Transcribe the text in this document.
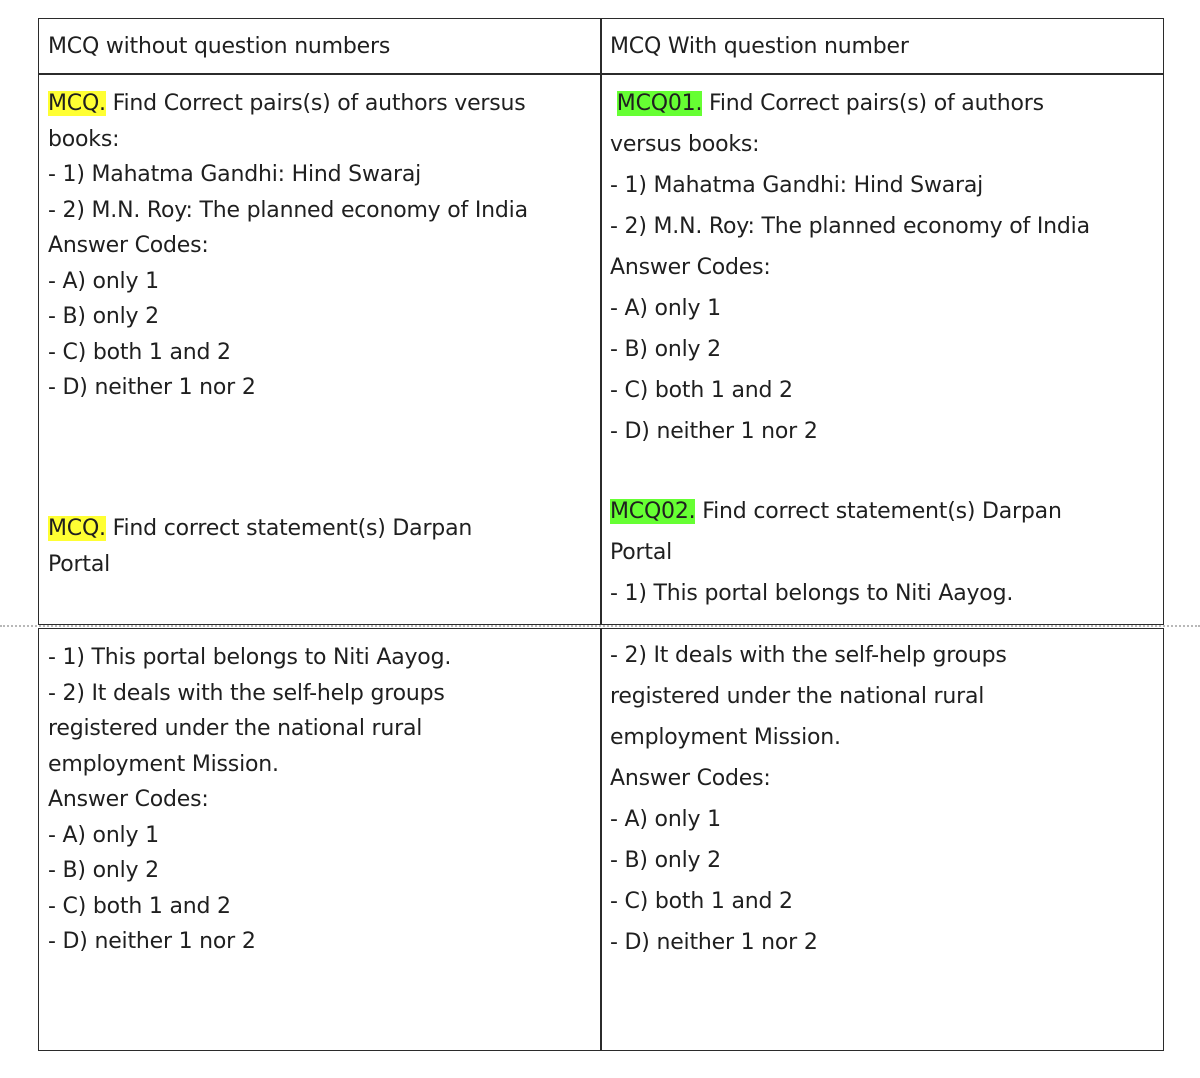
MCQ without question numbers	MCQ With question number
MCQ. Find Correct pairs(s) of authors versus
books:
- 1) Mahatma Gandhi: Hind Swaraj
- 2) M.N. Roy: The planned economy of India
Answer Codes:
- A) only 1
- B) only 2
- C) both 1 and 2
- D) neither 1 nor 2
MCQ. Find correct statement(s) Darpan
Portal
MCQ01. Find Correct pairs(s) of authors
versus books:
- 1) Mahatma Gandhi: Hind Swaraj
- 2) M.N. Roy: The planned economy of India
Answer Codes:
- A) only 1
- B) only 2
- C) both 1 and 2
- D) neither 1 nor 2
MCQ02. Find correct statement(s) Darpan
Portal
- 1) This portal belongs to Niti Aayog.
- 1) This portal belongs to Niti Aayog.
- 2) It deals with the self-help groups
registered under the national rural
employment Mission.
Answer Codes:
- A) only 1
- B) only 2
- C) both 1 and 2
- D) neither 1 nor 2
- 2) It deals with the self-help groups
registered under the national rural
employment Mission.
Answer Codes:
- A) only 1
- B) only 2
- C) both 1 and 2
- D) neither 1 nor 2
